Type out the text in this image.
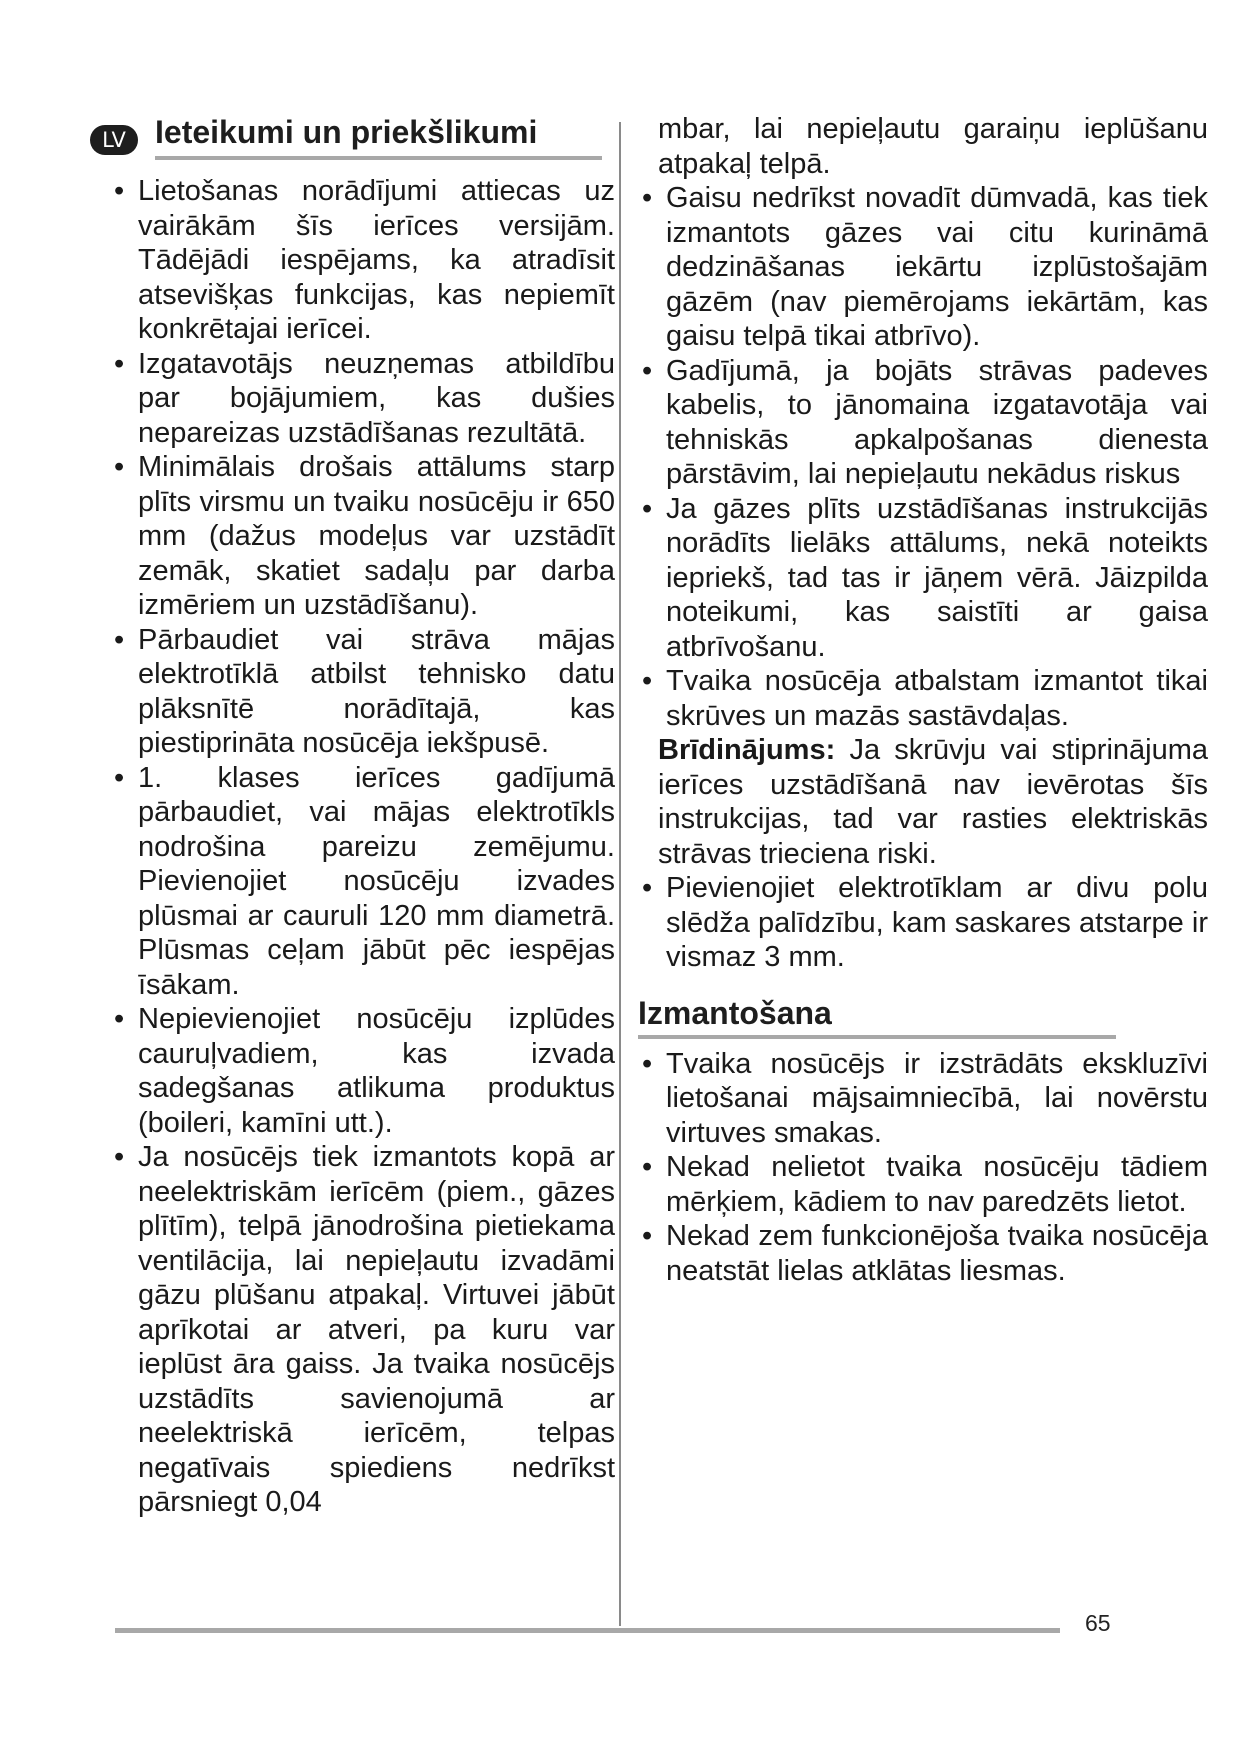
LV Ieteikumi un priekšlikumi
• Lietošanas norādījumi attiecas uz vairākām šīs ierīces versijām. Tādējādi iespējams, ka atradīsit atsevišķas funkcijas, kas nepiemīt konkrētajai ierīcei.
• Izgatavotājs neuzņemas atbildību par bojājumiem, kas dušies nepareizas uzstādīšanas rezultātā.
• Minimālais drošais attālums starp plīts virsmu un tvaiku nosūcēju ir 650 mm (dažus modeļus var uzstādīt zemāk, skatiet sadaļu par darba izmēriem un uzstādīšanu).
• Pārbaudiet vai strāva mājas elektrotīklā atbilst tehnisko datu plāksnītē norādītajā, kas piestiprināta nosūcēja iekšpusē.
• 1. klases ierīces gadījumā pārbaudiet, vai mājas elektrotīkls nodrošina pareizu zemējumu. Pievienojiet nosūcēju izvades plūsmai ar cauruli 120 mm diametrā. Plūsmas ceļam jābūt pēc iespējas īsākam.
• Nepievienojiet nosūcēju izplūdes cauruļvadiem, kas izvada sadegšanas atlikuma produktus (boileri, kamīni utt.).
• Ja nosūcējs tiek izmantots kopā ar neelektriskām ierīcēm (piem., gāzes plītīm), telpā jānodrošina pietiekama ventilācija, lai nepieļautu izvadāmi gāzu plūšanu atpakaļ. Virtuvei jābūt aprīkotai ar atveri, pa kuru var ieplūst āra gaiss. Ja tvaika nosūcējs uzstādīts savienojumā ar neelektriskā ierīcēm, telpas negatīvais spiediens nedrīkst pārsniegt 0,04

mbar, lai nepieļautu garaiņu ieplūšanu atpakaļ telpā.

• Gaisu nedrīkst novadīt dūmvadā, kas tiek izmantots gāzes vai citu kurināmā dedzināšanas iekārtu izplūstošajām gāzēm (nav piemērojams iekārtām, kas gaisu telpā tikai atbrīvo).
• Gadījumā, ja bojāts strāvas padeves kabelis, to jānomaina izgatavotāja vai tehniskās apkalpošanas dienesta pārstāvim, lai nepieļautu nekādus riskus
• Ja gāzes plīts uzstādīšanas instrukcijās norādīts lielāks attālums, nekā noteikts iepriekš, tad tas ir jāņem vērā. Jāizpilda noteikumi, kas saistīti ar gaisa atbrīvošanu.
• Tvaika nosūcēja atbalstam izmantot tikai skrūves un mazās sastāvdaļas.

Brīdinājums: Ja skrūvju vai stiprinājuma ierīces uzstādīšanā nav ievērotas šīs instrukcijas, tad var rasties elektriskās strāvas trieciena riski.

• Pievienojiet elektrotīklam ar divu polu slēdža palīdzību, kam saskares atstarpe ir vismaz 3 mm.
Izmantošana
• Tvaika nosūcējs ir izstrādāts ekskluzīvi lietošanai mājsaimniecībā, lai novērstu virtuves smakas.
• Nekad nelietot tvaika nosūcēju tādiem mērķiem, kādiem to nav paredzēts lietot.
• Nekad zem funkcionējoša tvaika nosūcēja neatstāt lielas atklātas liesmas.
65
